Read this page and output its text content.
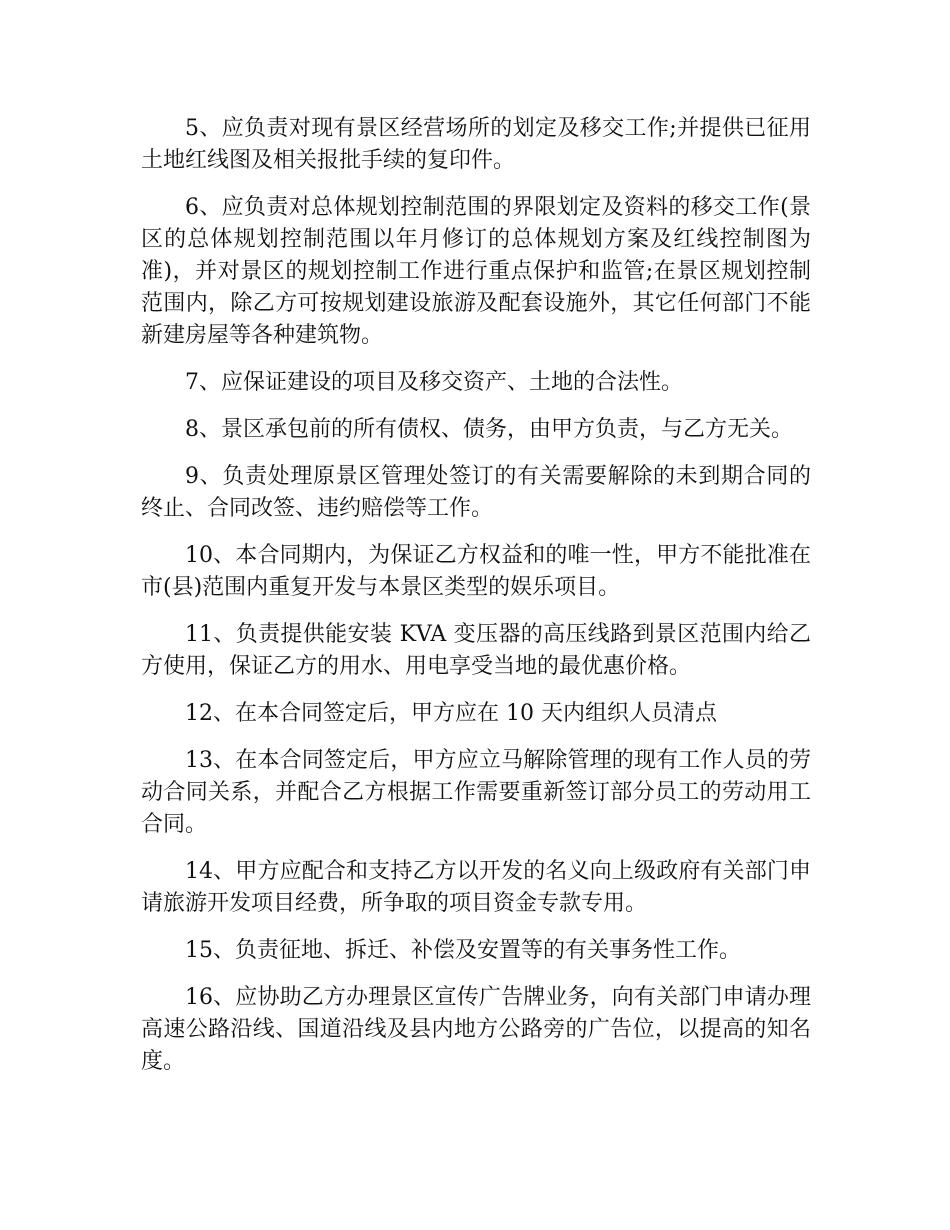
5、应负责对现有景区经营场所的划定及移交工作;并提供已征用土地红线图及相关报批手续的复印件。

6、应负责对总体规划控制范围的界限划定及资料的移交工作(景区的总体规划控制范围以年月修订的总体规划方案及红线控制图为准)，并对景区的规划控制工作进行重点保护和监管;在景区规划控制范围内，除乙方可按规划建设旅游及配套设施外，其它任何部门不能新建房屋等各种建筑物。

7、应保证建设的项目及移交资产、土地的合法性。

8、景区承包前的所有债权、债务，由甲方负责，与乙方无关。

9、负责处理原景区管理处签订的有关需要解除的未到期合同的终止、合同改签、违约赔偿等工作。

10、本合同期内，为保证乙方权益和的唯一性，甲方不能批准在市(县)范围内重复开发与本景区类型的娱乐项目。

11、负责提供能安装 KVA 变压器的高压线路到景区范围内给乙方使用，保证乙方的用水、用电享受当地的最优惠价格。

12、在本合同签定后，甲方应在 10 天内组织人员清点

13、在本合同签定后，甲方应立马解除管理的现有工作人员的劳动合同关系，并配合乙方根据工作需要重新签订部分员工的劳动用工合同。

14、甲方应配合和支持乙方以开发的名义向上级政府有关部门申请旅游开发项目经费，所争取的项目资金专款专用。

15、负责征地、拆迁、补偿及安置等的有关事务性工作。

16、应协助乙方办理景区宣传广告牌业务，向有关部门申请办理高速公路沿线、国道沿线及县内地方公路旁的广告位，以提高的知名度。
